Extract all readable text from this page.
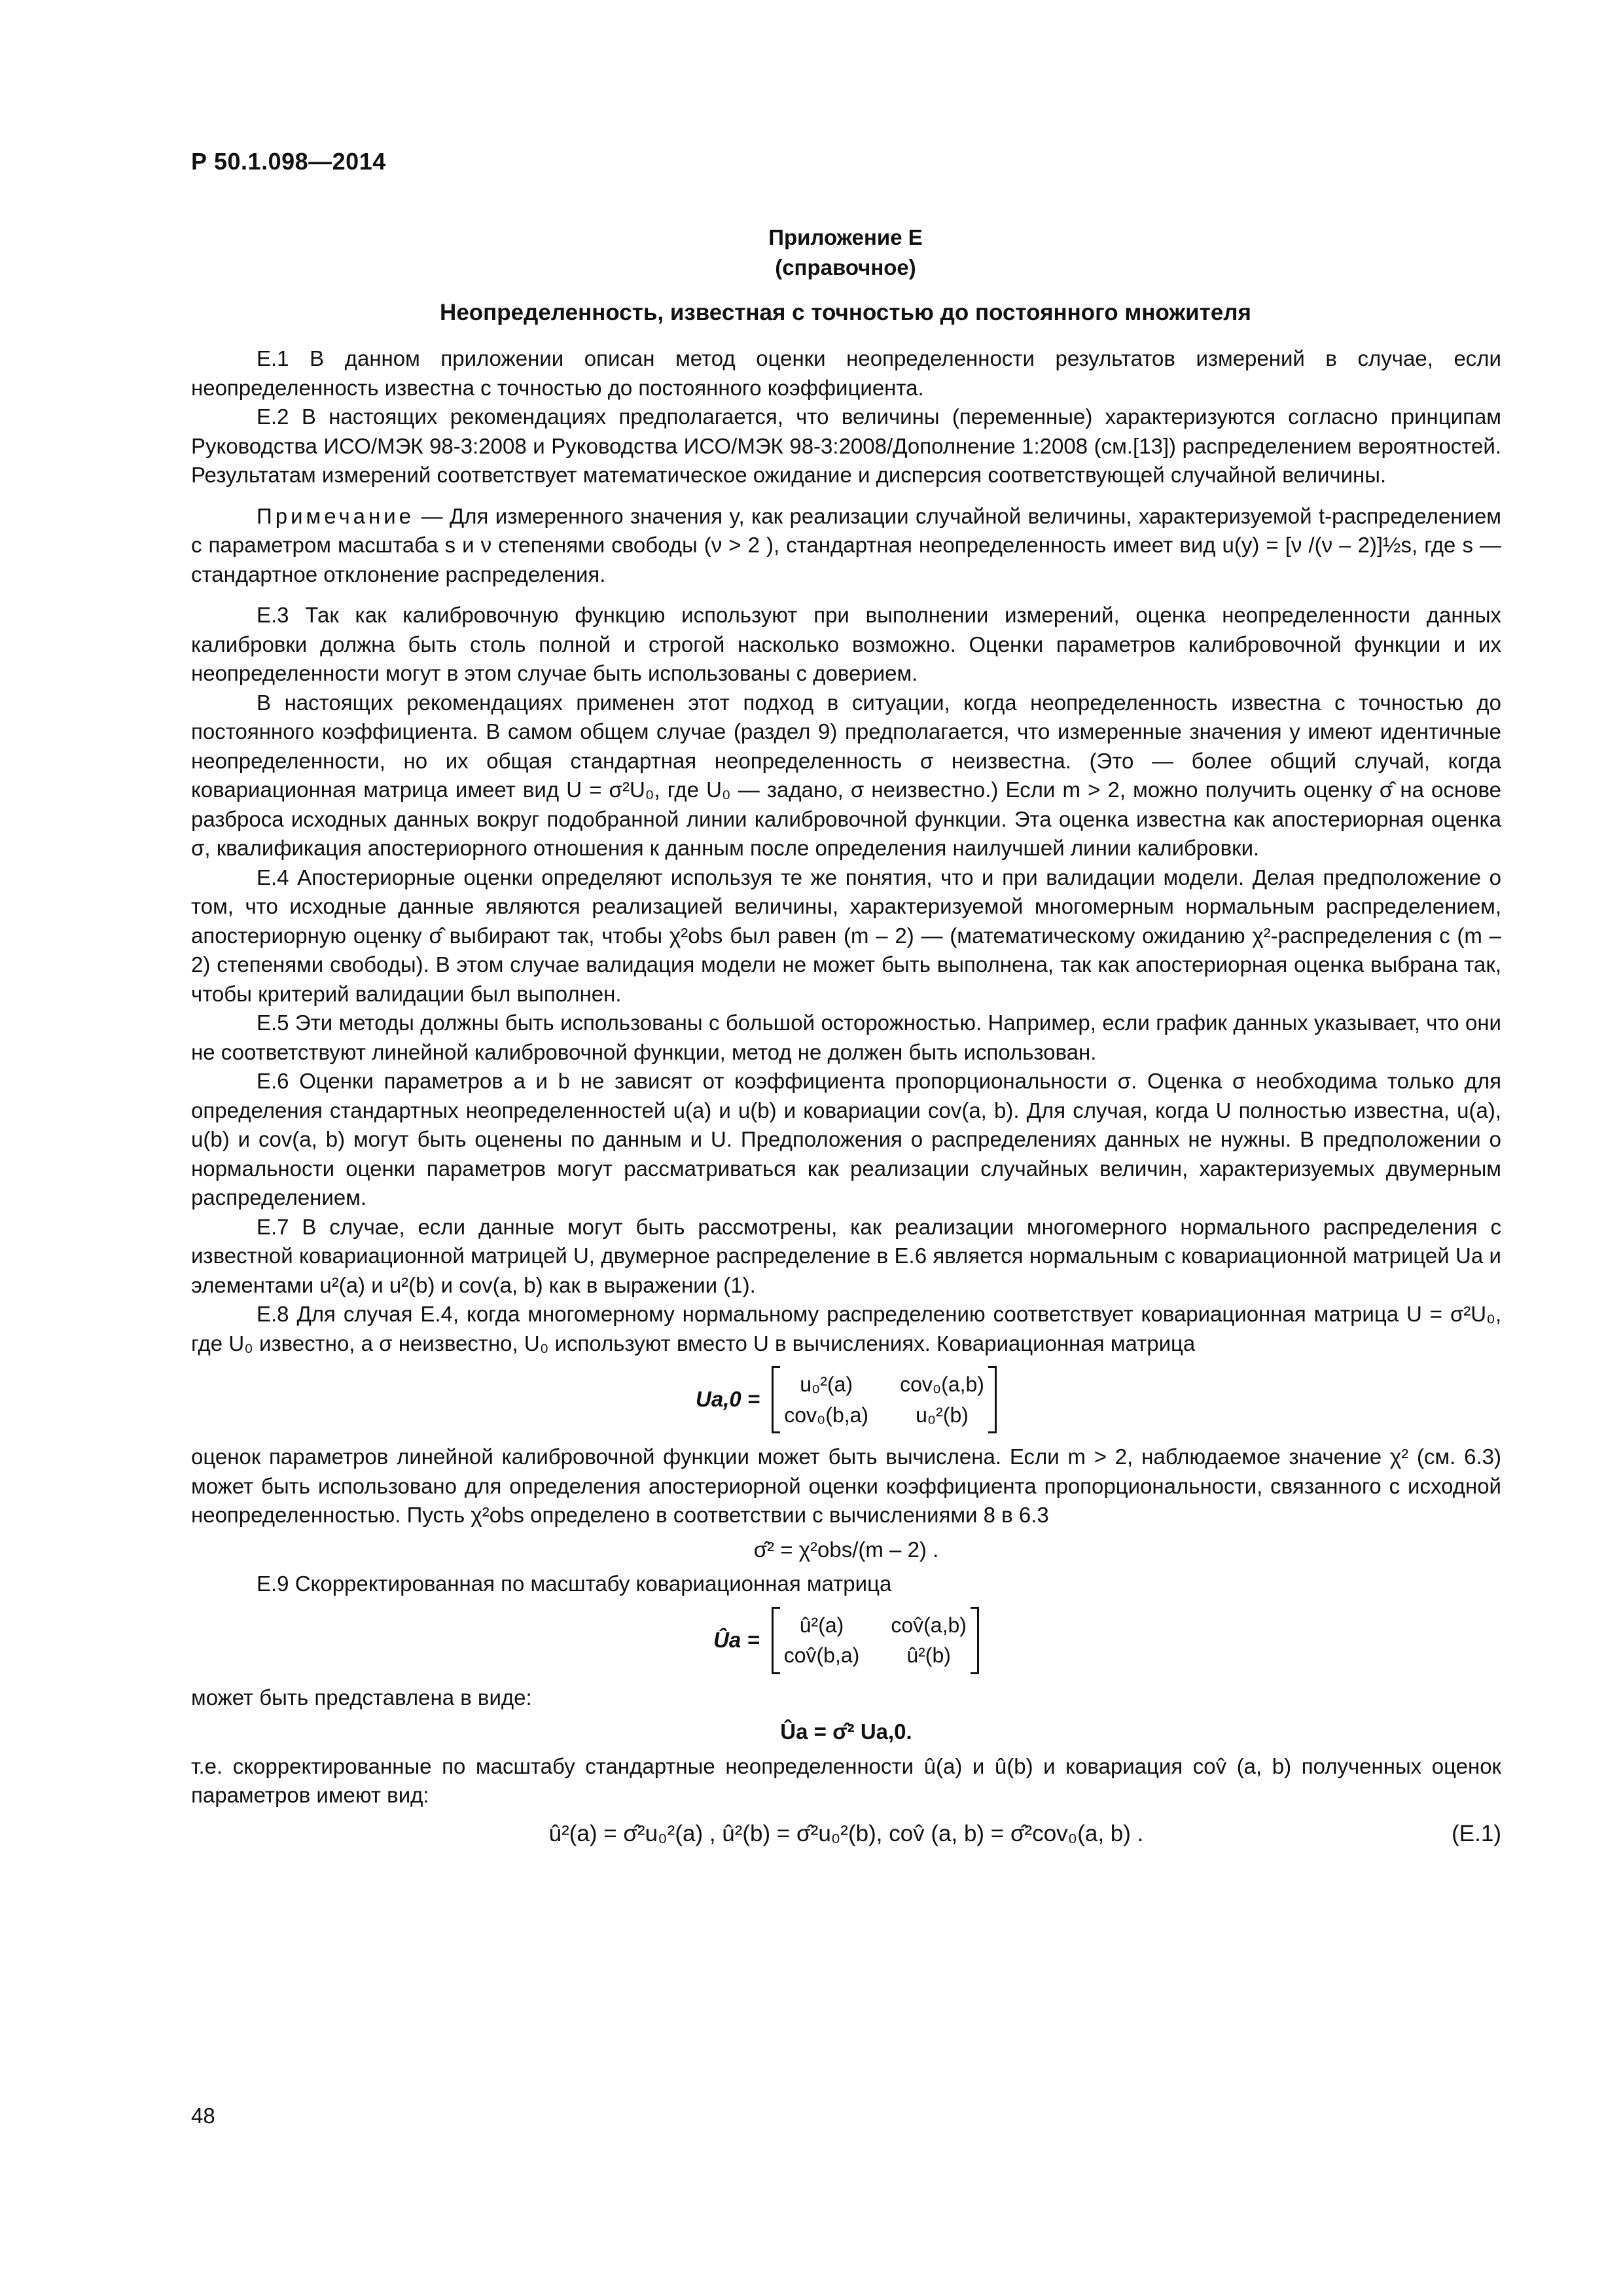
Р 50.1.098—2014
Приложение Е
(справочное)
Неопределенность, известная с точностью до постоянного множителя

Е.1 В данном приложении описан метод оценки неопределенности результатов измерений в случае, если неопределенность известна с точностью до постоянного коэффициента.

Е.2 В настоящих рекомендациях предполагается, что величины (переменные) характеризуются согласно принципам Руководства ИСО/МЭК 98-3:2008 и Руководства ИСО/МЭК 98-3:2008/Дополнение 1:2008 (см.[13]) распределением вероятностей. Результатам измерений соответствует математическое ожидание и дисперсия соответствующей случайной величины.

Примечание — Для измеренного значения y, как реализации случайной величины, характеризуемой t-распределением с параметром масштаба s и ν степенями свободы (ν > 2 ), стандартная неопределенность имеет вид u(y) = [ν /(ν – 2)]½s, где s — стандартное отклонение распределения.

Е.3 Так как калибровочную функцию используют при выполнении измерений, оценка неопределенности данных калибровки должна быть столь полной и строгой насколько возможно. Оценки параметров калибровочной функции и их неопределенности могут в этом случае быть использованы с доверием.

В настоящих рекомендациях применен этот подход в ситуации, когда неопределенность известна с точностью до постоянного коэффициента. В самом общем случае (раздел 9) предполагается, что измеренные значения y имеют идентичные неопределенности, но их общая стандартная неопределенность σ неизвестна. (Это — более общий случай, когда ковариационная матрица имеет вид U = σ²U₀, где U₀ — задано, σ неизвестно.) Если m > 2, можно получить оценку σ̂ на основе разброса исходных данных вокруг подобранной линии калибровочной функции. Эта оценка известна как апостериорная оценка σ, квалификация апостериорного отношения к данным после определения наилучшей линии калибровки.

Е.4 Апостериорные оценки определяют используя те же понятия, что и при валидации модели. Делая предположение о том, что исходные данные являются реализацией величины, характеризуемой многомерным нормальным распределением, апостериорную оценку σ̂ выбирают так, чтобы χ²obs был равен (m – 2) — (математическому ожиданию χ²-распределения с (m – 2) степенями свободы). В этом случае валидация модели не может быть выполнена, так как апостериорная оценка выбрана так, чтобы критерий валидации был выполнен.

Е.5 Эти методы должны быть использованы с большой осторожностью. Например, если график данных указывает, что они не соответствуют линейной калибровочной функции, метод не должен быть использован.

Е.6 Оценки параметров a и b не зависят от коэффициента пропорциональности σ. Оценка σ необходима только для определения стандартных неопределенностей u(a) и u(b) и ковариации cov(a, b). Для случая, когда U полностью известна, u(a), u(b) и cov(a, b) могут быть оценены по данным и U. Предположения о распределениях данных не нужны. В предположении о нормальности оценки параметров могут рассматриваться как реализации случайных величин, характеризуемых двумерным распределением.

Е.7 В случае, если данные могут быть рассмотрены, как реализации многомерного нормального распределения с известной ковариационной матрицей U, двумерное распределение в Е.6 является нормальным с ковариационной матрицей Ua и элементами u²(a) и u²(b) и cov(a, b) как в выражении (1).

Е.8 Для случая Е.4, когда многомерному нормальному распределению соответствует ковариационная матрица U = σ²U₀, где U₀ известно, а σ неизвестно, U₀ используют вместо U в вычислениях. Ковариационная матрица

Ua,0 =
u₀²(a)	cov₀(a,b)
cov₀(b,a)	u₀²(b)

оценок параметров линейной калибровочной функции может быть вычислена. Если m > 2, наблюдаемое значение χ² (см. 6.3) может быть использовано для определения апостериорной оценки коэффициента пропорциональности, связанного с исходной неопределенностью. Пусть χ²obs определено в соответствии с вычислениями 8 в 6.3

σ̂² = χ²obs/(m – 2) .

Е.9 Скорректированная по масштабу ковариационная матрица

Ûa =
û²(a)	cov̂(a,b)
cov̂(b,a)	û²(b)

может быть представлена в виде:

Ûa = σ̂² Ua,0.

т.е. скорректированные по масштабу стандартные неопределенности û(a) и û(b) и ковариация cov̂ (a, b) полученных оценок параметров имеют вид:

û²(a) = σ̂²u₀²(a) , û²(b) = σ̂²u₀²(b), cov̂ (a, b) = σ̂²cov₀(a, b) .	(Е.1)
48
